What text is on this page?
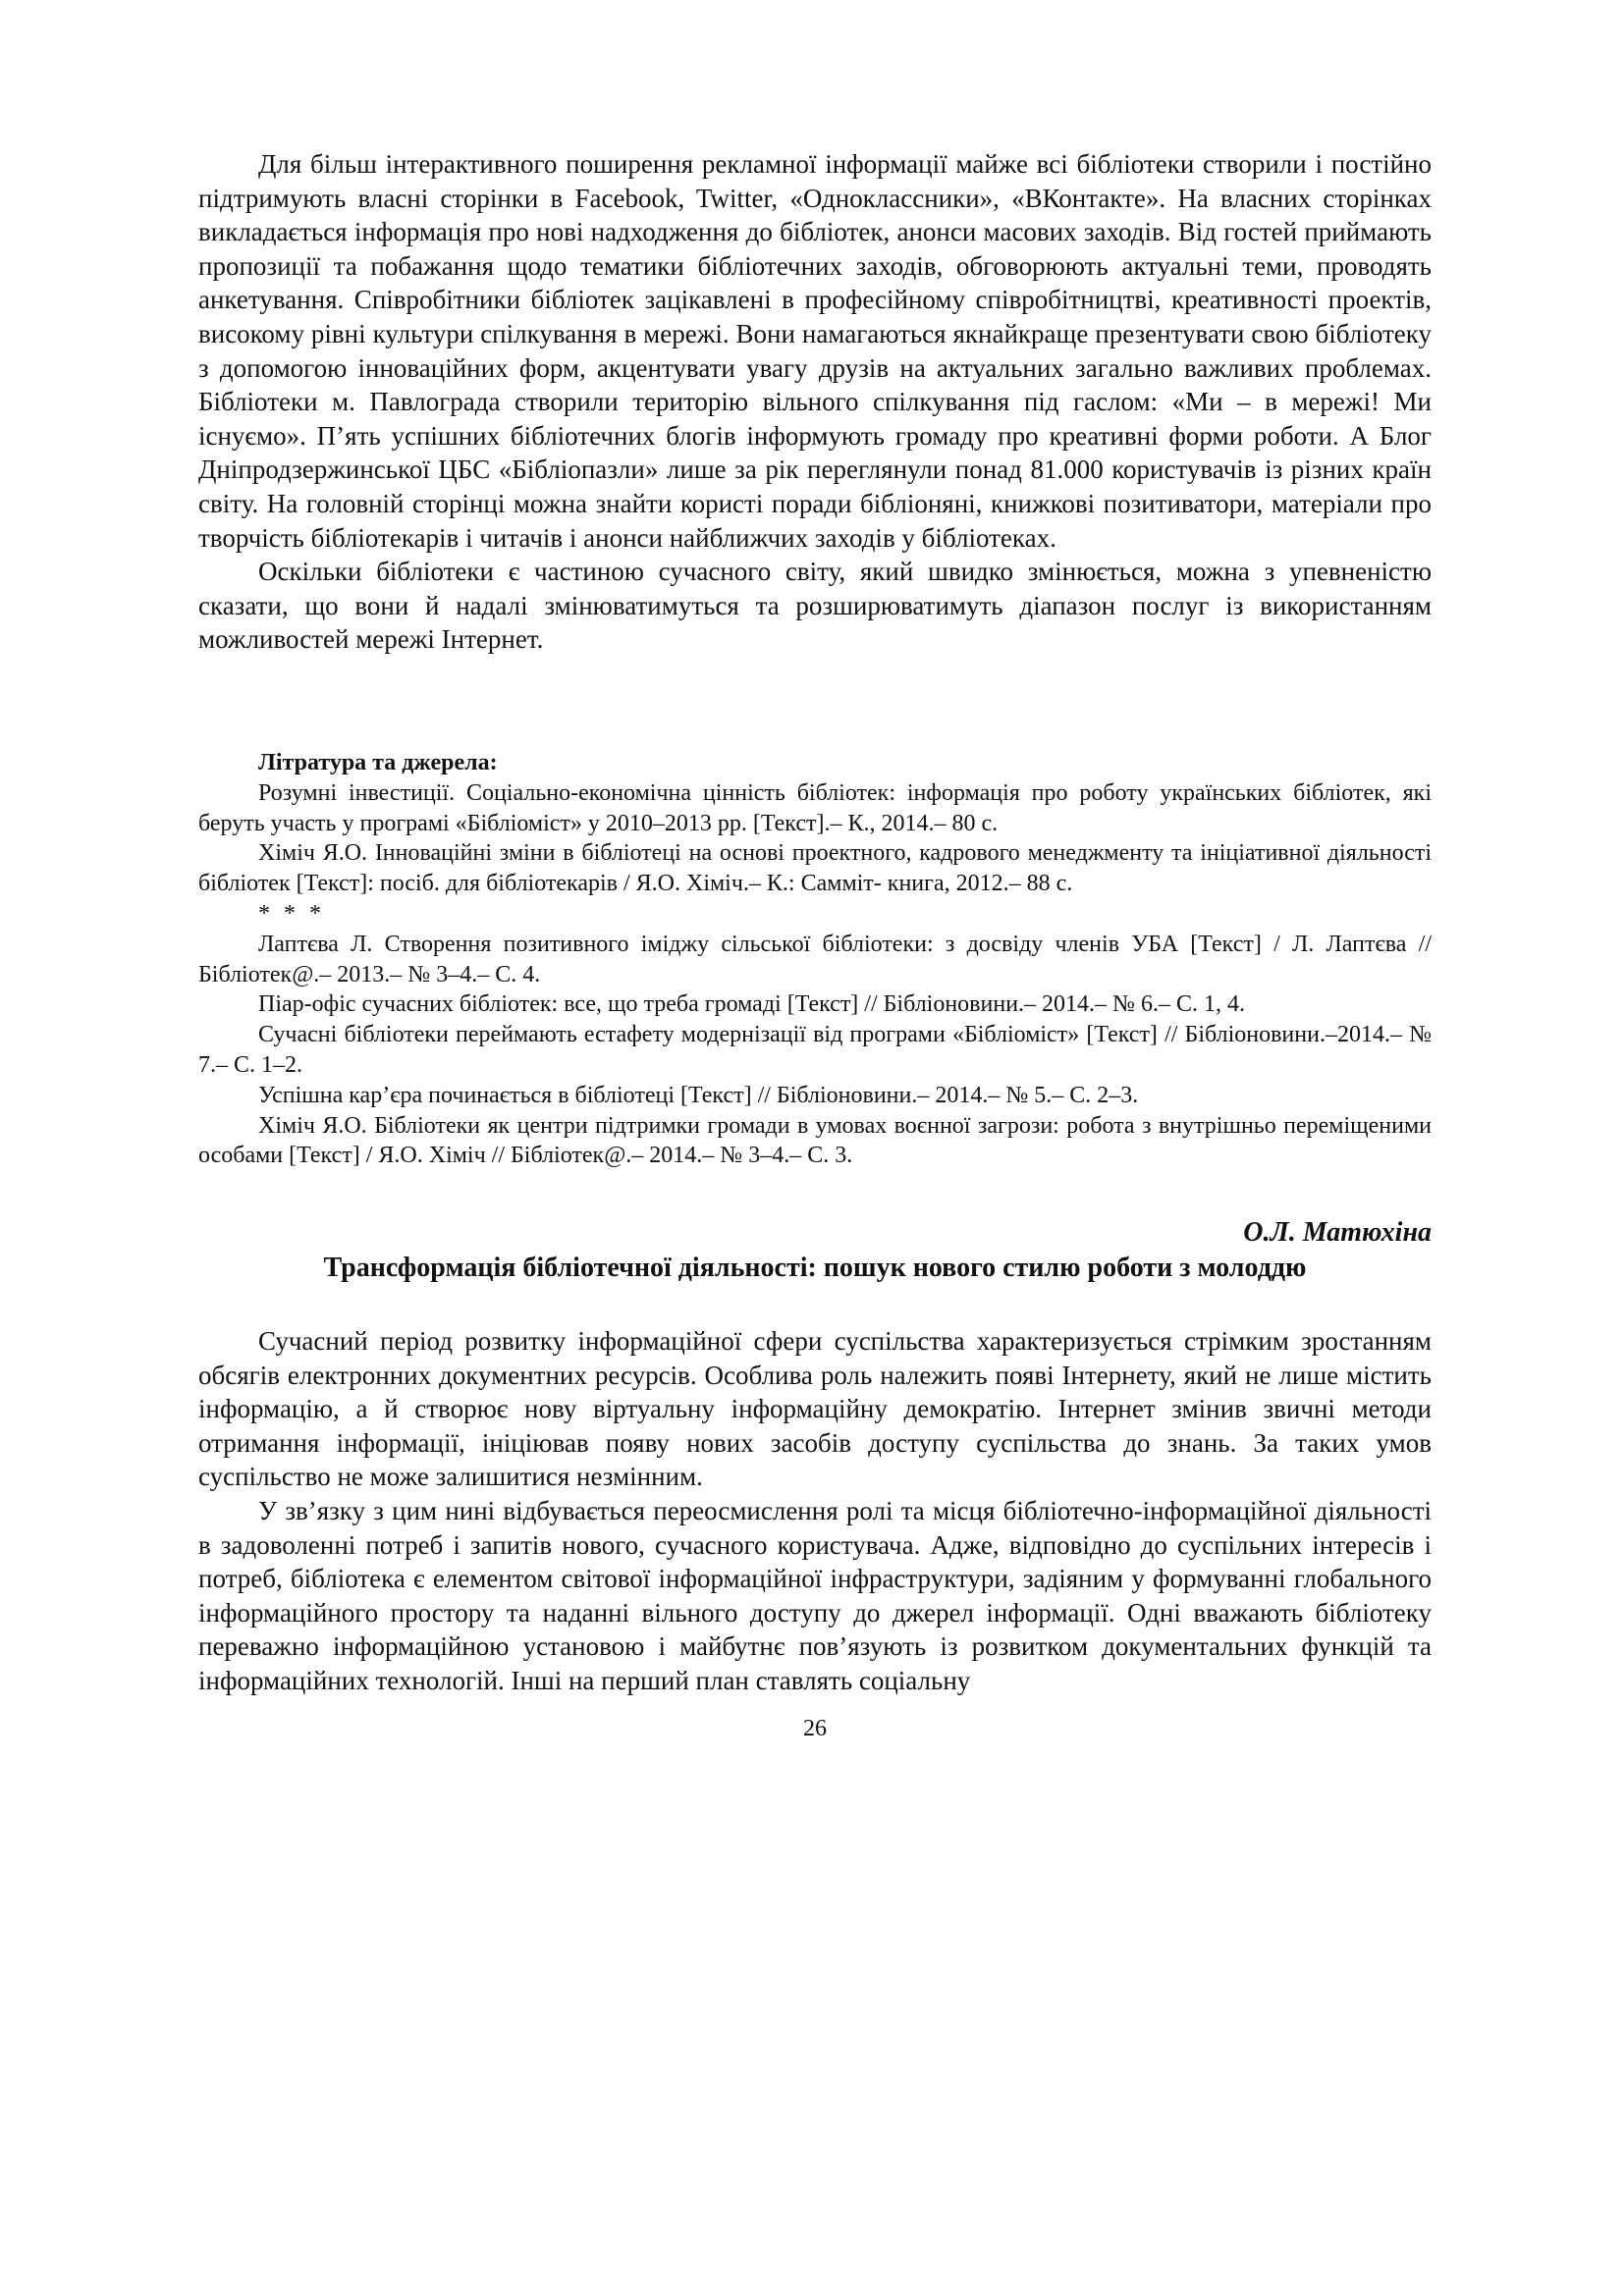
Для більш інтерактивного поширення рекламної інформації майже всі бібліотеки створили і постійно підтримують власні сторінки в Facebook, Twitter, «Одноклассники», «ВКонтакте». На власних сторінках викладається інформація про нові надходження до бібліотек, анонси масових заходів. Від гостей приймають пропозиції та побажання щодо тематики бібліотечних заходів, обговорюють актуальні теми, проводять анкетування. Співробітники бібліотек зацікавлені в професійному співробітництві, креативності проектів, високому рівні культури спілкування в мережі. Вони намагаються якнайкраще презентувати свою бібліотеку з допомогою інноваційних форм, акцентувати увагу друзів на актуальних загально важливих проблемах. Бібліотеки м. Павлограда створили територію вільного спілкування під гаслом: «Ми – в мережі! Ми існуємо». П’ять успішних бібліотечних блогів інформують громаду про креативні форми роботи. А Блог Дніпродзержинської ЦБС «Бібліопазли» лише за рік переглянули понад 81.000 користувачів із різних країн світу. На головній сторінці можна знайти користі поради бібліоняні, книжкові позитиватори, матеріали про творчість бібліотекарів і читачів і анонси найближчих заходів у бібліотеках.

Оскільки бібліотеки є частиною сучасного світу, який швидко змінюється, можна з упевненістю сказати, що вони й надалі змінюватимуться та розширюватимуть діапазон послуг із використанням можливостей мережі Інтернет.

Літратура та джерела:

Розумні інвестиції. Соціально-економічна цінність бібліотек: інформація про роботу українських бібліотек, які беруть участь у програмі «Бібліоміст» у 2010–2013 рр. [Текст].– К., 2014.– 80 с.

Хіміч Я.О. Інноваційні зміни в бібліотеці на основі проектного, кадрового менеджменту та ініціативної діяльності бібліотек [Текст]: посіб. для бібліотекарів / Я.О. Хіміч.– К.: Самміт- книга, 2012.– 88 с.

* * *

Лаптєва Л. Створення позитивного іміджу сільської бібліотеки: з досвіду членів УБА [Текст] / Л. Лаптєва // Бібліотек@.– 2013.– № 3–4.– С. 4.

Піар-офіс сучасних бібліотек: все, що треба громаді [Текст] // Бібліоновини.– 2014.– № 6.– С. 1, 4.

Сучасні бібліотеки переймають естафету модернізації від програми «Бібліоміст» [Текст] // Бібліоновини.–2014.– № 7.– С. 1–2.

Успішна кар’єра починається в бібліотеці [Текст] // Бібліоновини.– 2014.– № 5.– С. 2–3.

Хіміч Я.О. Бібліотеки як центри підтримки громади в умовах воєнної загрози: робота з внутрішньо переміщеними особами [Текст] / Я.О. Хіміч // Бібліотек@.– 2014.– № 3–4.– С. 3.

О.Л. Матюхіна
Трансформація бібліотечної діяльності: пошук нового стилю роботи з молоддю

Сучасний період розвитку інформаційної сфери суспільства характеризується стрімким зростанням обсягів електронних документних ресурсів. Особлива роль належить появі Інтернету, який не лише містить інформацію, а й створює нову віртуальну інформаційну демократію. Інтернет змінив звичні методи отримання інформації, ініціював появу нових засобів доступу суспільства до знань. За таких умов суспільство не може залишитися незмінним.

У зв’язку з цим нині відбувається переосмислення ролі та місця бібліотечно-інформаційної діяльності в задоволенні потреб і запитів нового, сучасного користувача. Адже, відповідно до суспільних інтересів і потреб, бібліотека є елементом світової інформаційної інфраструктури, задіяним у формуванні глобального інформаційного простору та наданні вільного доступу до джерел інформації. Одні вважають бібліотеку переважно інформаційною установою і майбутнє пов’язують із розвитком документальних функцій та інформаційних технологій. Інші на перший план ставлять соціальну

26
